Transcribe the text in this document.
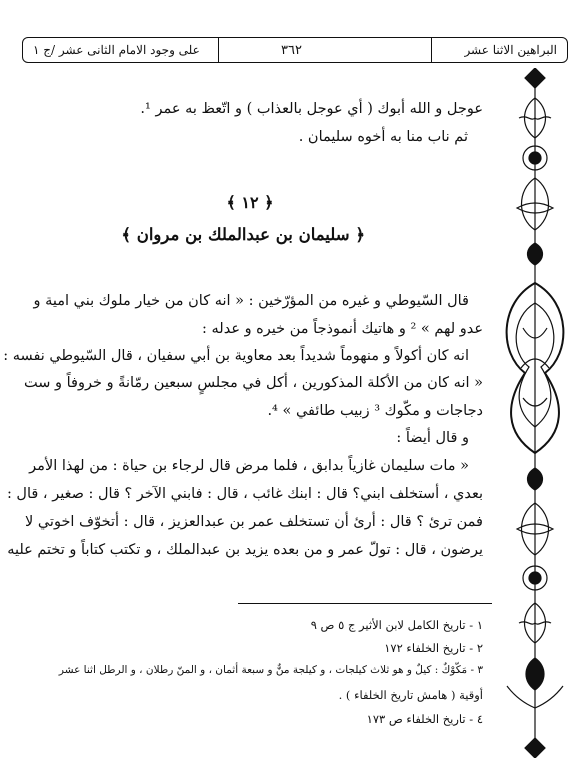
البراهين الاثنا عشر
٣٦٢
على وجود الامام الثانى عشر /ج ١
عوجل و الله أبوك ( أي عوجل بالعذاب ) و اتّعظ به عمر ¹.
ثم ناب منا به أخوه سليمان .
﴿ ١٢ ﴾
﴿ سليمان بن عبدالملك بن مروان ﴾
قال السّيوطي و غيره من المؤرّخين : « انه كان من خيار ملوك بني امية و
عدو لهم » ² و هاتيك أنموذجاً من خيره و عدله :
انه كان أكولاً و منهوماً شديداً بعد معاوية بن أبي سفيان ، قال السّيوطي نفسه :
« انه كان من الأكلة المذكورين ، أكل في مجلسٍ سبعين رمّانةً و خروفاً و ست
دجاجات و مكّوك ³ زبيب طائفي » ⁴.
و قال أيضاً :
« مات سليمان غازياً بدابق ، فلما مرض قال لرجاء بن حياة : من لهذا الأمر
بعدي ، أستخلف ابني؟ قال : ابنك غائب ، قال : فابني الآخر ؟ قال : صغير ، قال :
فمن ترئ ؟ قال : أرئ أن تستخلف عمر بن عبدالعزيز ، قال : أتخوّف اخوتي لا
يرضون ، قال : تولّ عمر و من بعده يزيد بن عبدالملك ، و تكتب كتاباً و تختم عليه
١ - تاريخ الكامل لابن الأثير ج ٥ ص ٩
٢ - تاريخ الخلفاء ١٧٢
٣ - مَكّوْكٌ : كيلٌ و هو ثلاث كيلجات ، و كيلجة منٌّ و سبعة أثمان ، و المنّ رطلان ، و الرطل اثنا عشر
أوقية ( هامش تاريخ الخلفاء ) .
٤ - تاريخ الخلفاء ص ١٧٣
